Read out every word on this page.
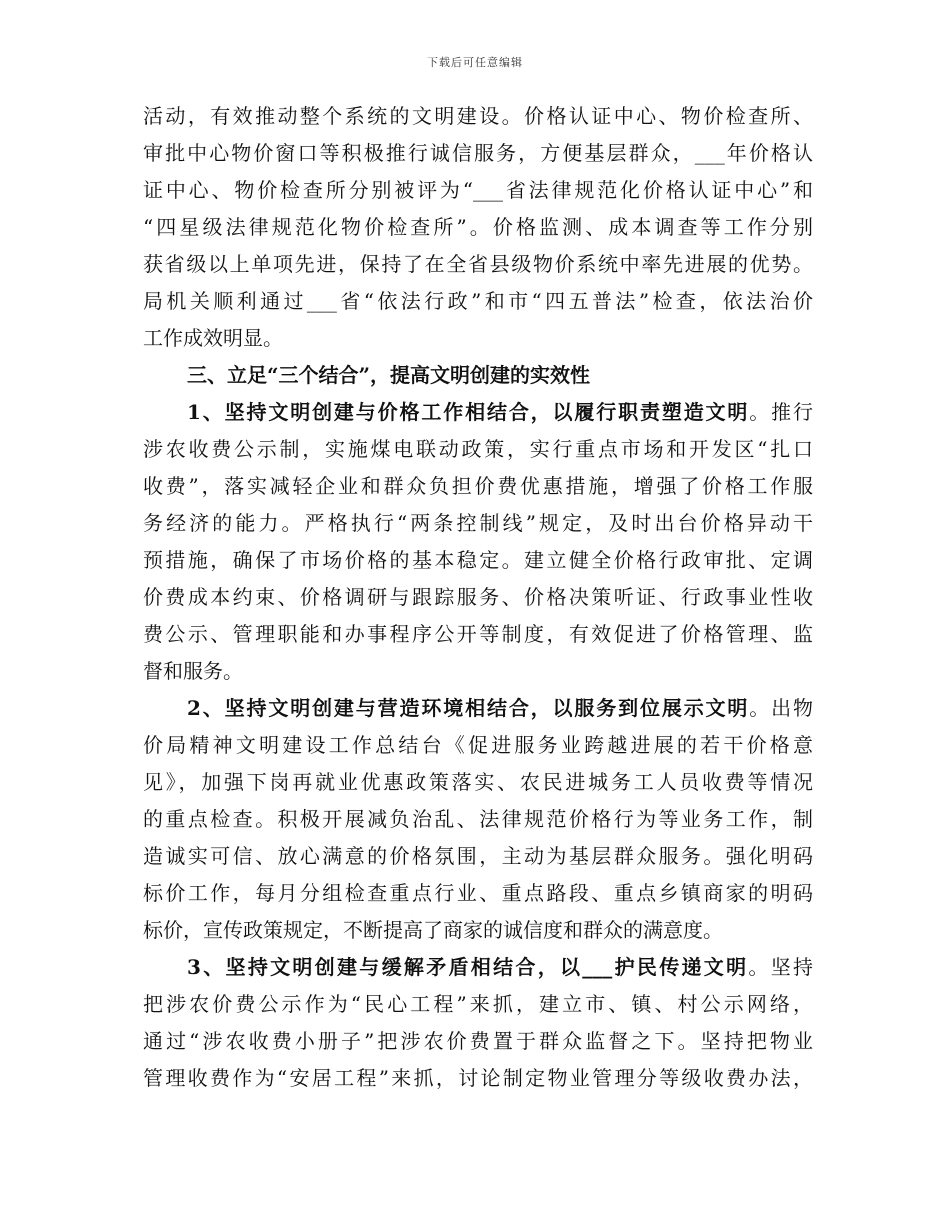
下载后可任意编辑
活动，有效推动整个系统的文明建设。价格认证中心、物价检查所、
审批中心物价窗口等积极推行诚信服务，方便基层群众，___年价格认
证中心、物价检查所分别被评为“___省法律规范化价格认证中心”和
“四星级法律规范化物价检查所”。价格监测、成本调查等工作分别
获省级以上单项先进，保持了在全省县级物价系统中率先进展的优势。
局机关顺利通过___省“依法行政”和市“四五普法”检查，依法治价
工作成效明显。
三、立足“三个结合”，提高文明创建的实效性
1、坚持文明创建与价格工作相结合，以履行职责塑造文明。推行
涉农收费公示制，实施煤电联动政策，实行重点市场和开发区“扎口
收费”，落实减轻企业和群众负担价费优惠措施，增强了价格工作服
务经济的能力。严格执行“两条控制线”规定，及时出台价格异动干
预措施，确保了市场价格的基本稳定。建立健全价格行政审批、定调
价费成本约束、价格调研与跟踪服务、价格决策听证、行政事业性收
费公示、管理职能和办事程序公开等制度，有效促进了价格管理、监
督和服务。
2、坚持文明创建与营造环境相结合，以服务到位展示文明。出物
价局精神文明建设工作总结台《促进服务业跨越进展的若干价格意
见》，加强下岗再就业优惠政策落实、农民进城务工人员收费等情况
的重点检查。积极开展减负治乱、法律规范价格行为等业务工作，制
造诚实可信、放心满意的价格氛围，主动为基层群众服务。强化明码
标价工作，每月分组检查重点行业、重点路段、重点乡镇商家的明码
标价，宣传政策规定，不断提高了商家的诚信度和群众的满意度。
3、坚持文明创建与缓解矛盾相结合，以___护民传递文明。坚持
把涉农价费公示作为“民心工程”来抓，建立市、镇、村公示网络，
通过“涉农收费小册子”把涉农价费置于群众监督之下。坚持把物业
管理收费作为“安居工程”来抓，讨论制定物业管理分等级收费办法，
